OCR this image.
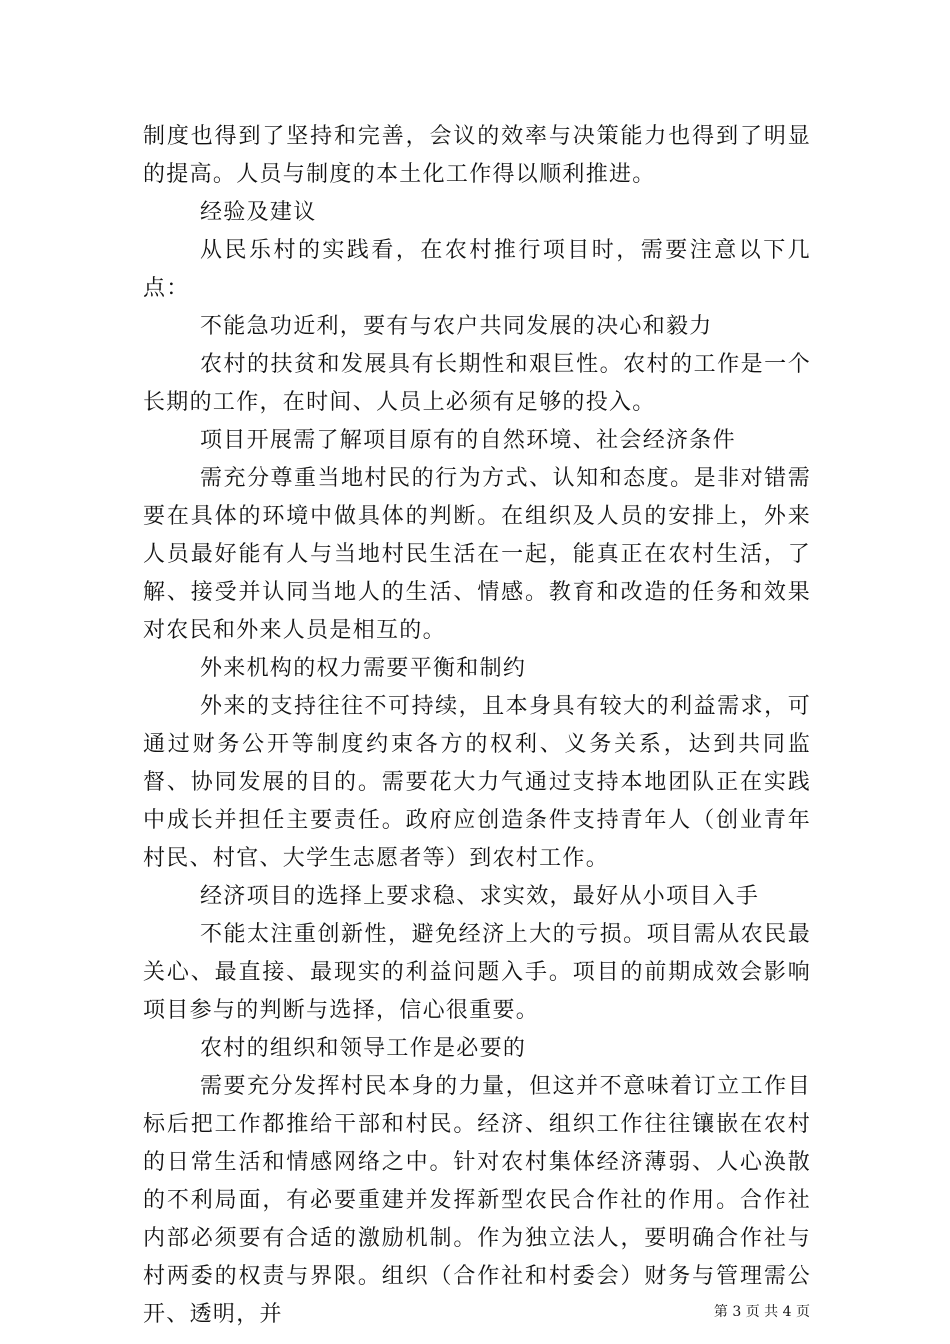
制度也得到了坚持和完善，会议的效率与决策能力也得到了明显的提高。人员与制度的本土化工作得以顺利推进。

经验及建议

从民乐村的实践看，在农村推行项目时，需要注意以下几点：

不能急功近利，要有与农户共同发展的决心和毅力

农村的扶贫和发展具有长期性和艰巨性。农村的工作是一个长期的工作，在时间、人员上必须有足够的投入。

项目开展需了解项目原有的自然环境、社会经济条件

需充分尊重当地村民的行为方式、认知和态度。是非对错需要在具体的环境中做具体的判断。在组织及人员的安排上，外来人员最好能有人与当地村民生活在一起，能真正在农村生活，了解、接受并认同当地人的生活、情感。教育和改造的任务和效果对农民和外来人员是相互的。

外来机构的权力需要平衡和制约

外来的支持往往不可持续，且本身具有较大的利益需求，可通过财务公开等制度约束各方的权利、义务关系，达到共同监督、协同发展的目的。需要花大力气通过支持本地团队正在实践中成长并担任主要责任。政府应创造条件支持青年人（创业青年村民、村官、大学生志愿者等）到农村工作。

经济项目的选择上要求稳、求实效，最好从小项目入手

不能太注重创新性，避免经济上大的亏损。项目需从农民最关心、最直接、最现实的利益问题入手。项目的前期成效会影响项目参与的判断与选择，信心很重要。

农村的组织和领导工作是必要的

需要充分发挥村民本身的力量，但这并不意味着订立工作目标后把工作都推给干部和村民。经济、组织工作往往镶嵌在农村的日常生活和情感网络之中。针对农村集体经济薄弱、人心涣散的不利局面，有必要重建并发挥新型农民合作社的作用。合作社内部必须要有合适的激励机制。作为独立法人，要明确合作社与村两委的权责与界限。组织（合作社和村委会）财务与管理需公开、透明，并	第 3 页 共 4 页
